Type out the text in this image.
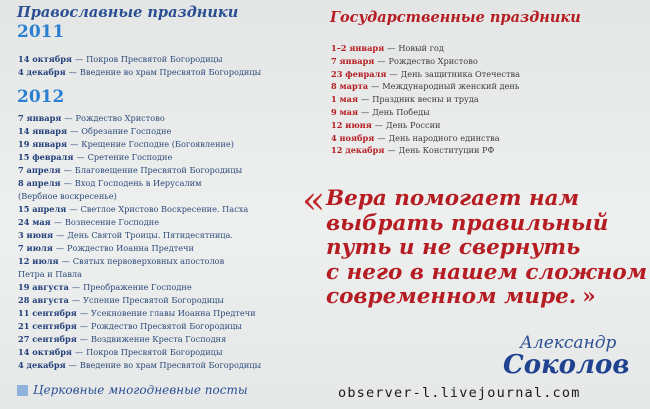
Православные праздники
2011
14 октября — Покров Пресвятой Богородицы
4 декабря — Введение во храм Пресвятой Богородицы
2012
7 января — Рождество Христово
14 января — Обрезание Господне
19 января — Крещение Господне (Богоявление)
15 февраля — Сретение Господне
7 апреля — Благовещение Пресвятой Богородицы
8 апреля — Вход Господень в Иерусалим
(Вербное воскресенье)
15 апреля — Светлое Христово Воскресение. Пасха
24 мая — Вознесение Господне
3 июня — День Святой Троицы. Пятидесятница.
7 июля — Рождество Иоанна Предтечи
12 июля — Святых первоверховных апостолов
Петра и Павла
19 августа — Преображение Господне
28 августа — Успение Пресвятой Богородицы
11 сентября — Усекновение главы Иоанна Предтечи
21 сентября — Рождество Пресвятой Богородицы
27 сентября — Воздвижение Креста Господня
14 октября — Покров Пресвятой Богородицы
4 декабря — Введение во храм Пресвятой Богородицы
Государственные праздники
1–2 января — Новый год
7 января — Рождество Христово
23 февраля — День защитника Отечества
8 марта — Международный женский день
1 мая — Праздник весны и труда
9 мая — День Победы
12 июня — День России
4 ноября — День народного единства
12 декабря — День Конституции РФ
« Вера помогает нам
выбрать правильный
путь и не свернуть
с него в нашем сложном
современном мире. »
Александр
Соколов
Церковные многодневные посты	observer-l.livejournal.com
